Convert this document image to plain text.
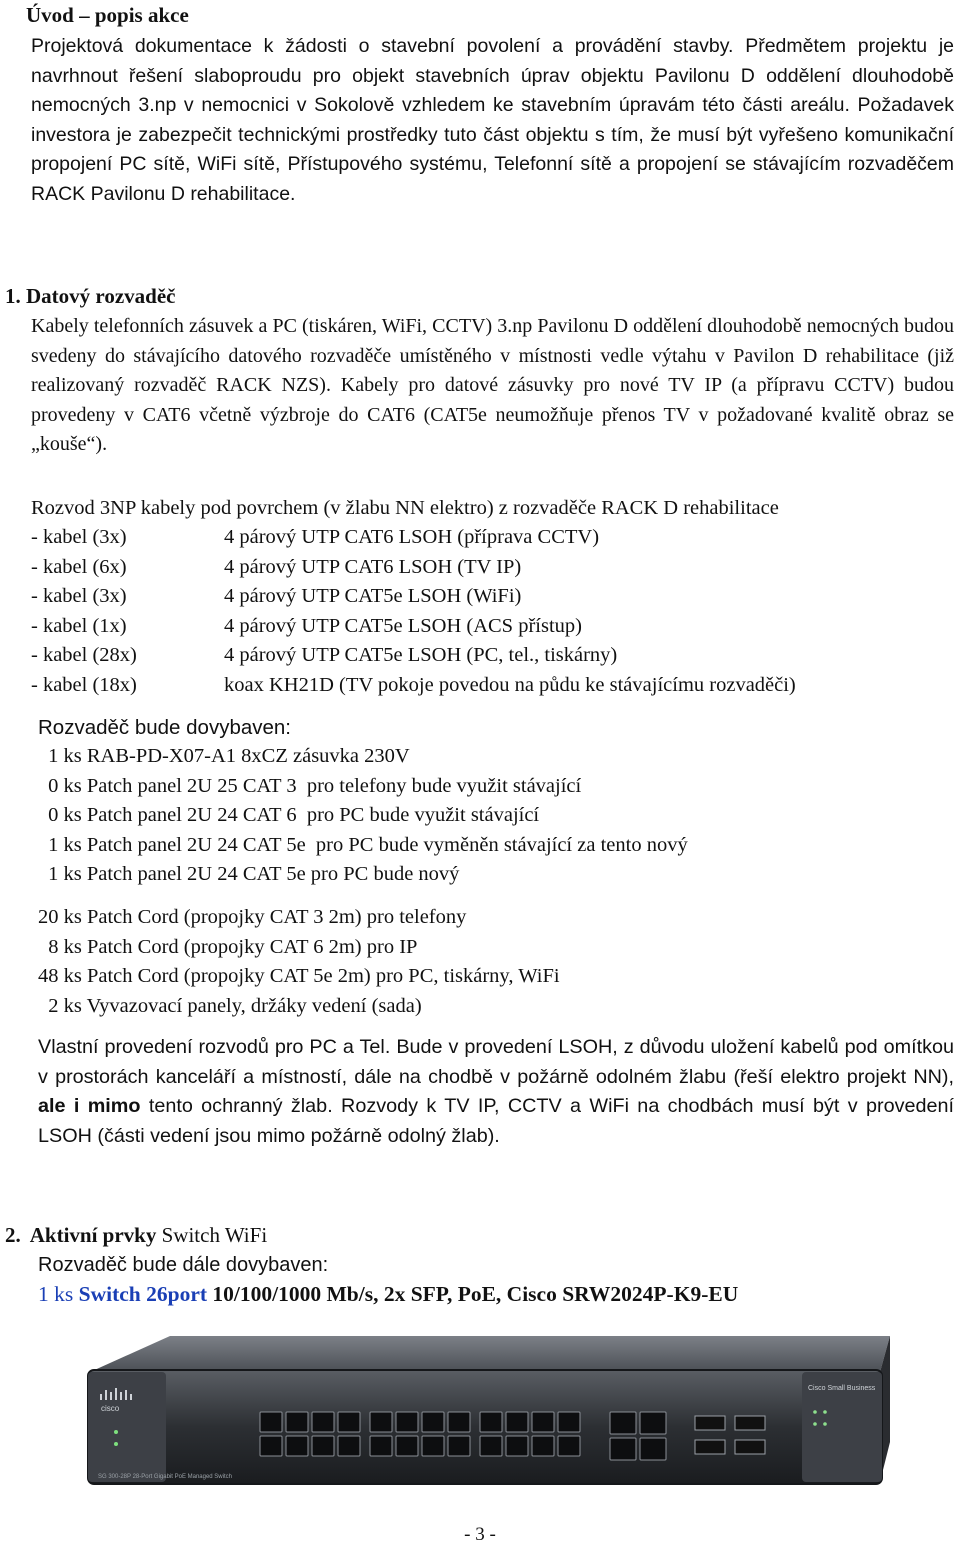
Úvod – popis akce

Projektová dokumentace k žádosti o stavební povolení a provádění stavby. Předmětem projektu je navrhnout řešení slaboproudu pro objekt stavebních úprav objektu Pavilonu D oddělení dlouhodobě nemocných 3.np v nemocnici v Sokolově vzhledem ke stavebním úpravám této části areálu. Požadavek investora je zabezpečit technickými prostředky tuto část objektu s tím, že musí být vyřešeno komunikační propojení PC sítě, WiFi sítě, Přístupového systému, Telefonní sítě a propojení se stávajícím rozvaděčem RACK Pavilonu D rehabilitace.

1. Datový rozvaděč

Kabely telefonních zásuvek a PC (tiskáren, WiFi, CCTV) 3.np Pavilonu D oddělení dlouhodobě nemocných budou svedeny do stávajícího datového rozvaděče umístěného v místnosti vedle výtahu v Pavilon D rehabilitace (již realizovaný rozvaděč RACK NZS). Kabely pro datové zásuvky pro nové TV IP (a přípravu CCTV) budou provedeny v CAT6 včetně výzbroje do CAT6 (CAT5e neumožňuje přenos TV v požadované kvalitě obraz se „kouše“).

Rozvod 3NP kabely pod povrchem (v žlabu NN elektro) z rozvaděče RACK D rehabilitace

- kabel (3x)	4 párový UTP CAT6 LSOH (příprava CCTV)
- kabel (6x)	4 párový UTP CAT6 LSOH (TV IP)
- kabel (3x)	4 párový UTP CAT5e LSOH (WiFi)
- kabel (1x)	4 párový UTP CAT5e LSOH (ACS přístup)
- kabel (28x)	4 párový UTP CAT5e LSOH (PC, tel., tiskárny)
- kabel (18x)	koax KH21D (TV pokoje povedou na půdu ke stávajícímu rozvaděči)
Rozvaděč bude dovybaven:
1 ks RAB-PD-X07-A1 8xCZ zásuvka 230V
0 ks Patch panel 2U 25 CAT 3  pro telefony bude využit stávající
0 ks Patch panel 2U 24 CAT 6  pro PC bude využit stávající
1 ks Patch panel 2U 24 CAT 5e  pro PC bude vyměněn stávající za tento nový
1 ks Patch panel 2U 24 CAT 5e pro PC bude nový
20 ks Patch Cord (propojky CAT 3 2m) pro telefony
8 ks Patch Cord (propojky CAT 6 2m) pro IP
48 ks Patch Cord (propojky CAT 5e 2m) pro PC, tiskárny, WiFi
2 ks Vyvazovací panely, držáky vedení (sada)

Vlastní provedení rozvodů pro PC a Tel. Bude v provedení LSOH, z důvodu uložení kabelů pod omítkou v prostorách kanceláří a místností, dále na chodbě v požárně odolném žlabu (řeší elektro projekt NN), ale i mimo tento ochranný žlab. Rozvody k TV IP, CCTV a WiFi na chodbách musí být v provedení LSOH (části vedení jsou mimo požárně odolný žlab).

2. Aktivní prvky Switch WiFi
Rozvaděč bude dále dovybaven:
1 ks Switch 26port 10/100/1000 Mb/s, 2x SFP, PoE, Cisco SRW2024P-K9-EU
cisco
SG 300-28P 28-Port Gigabit PoE Managed Switch
Cisco Small Business
- 3 -
